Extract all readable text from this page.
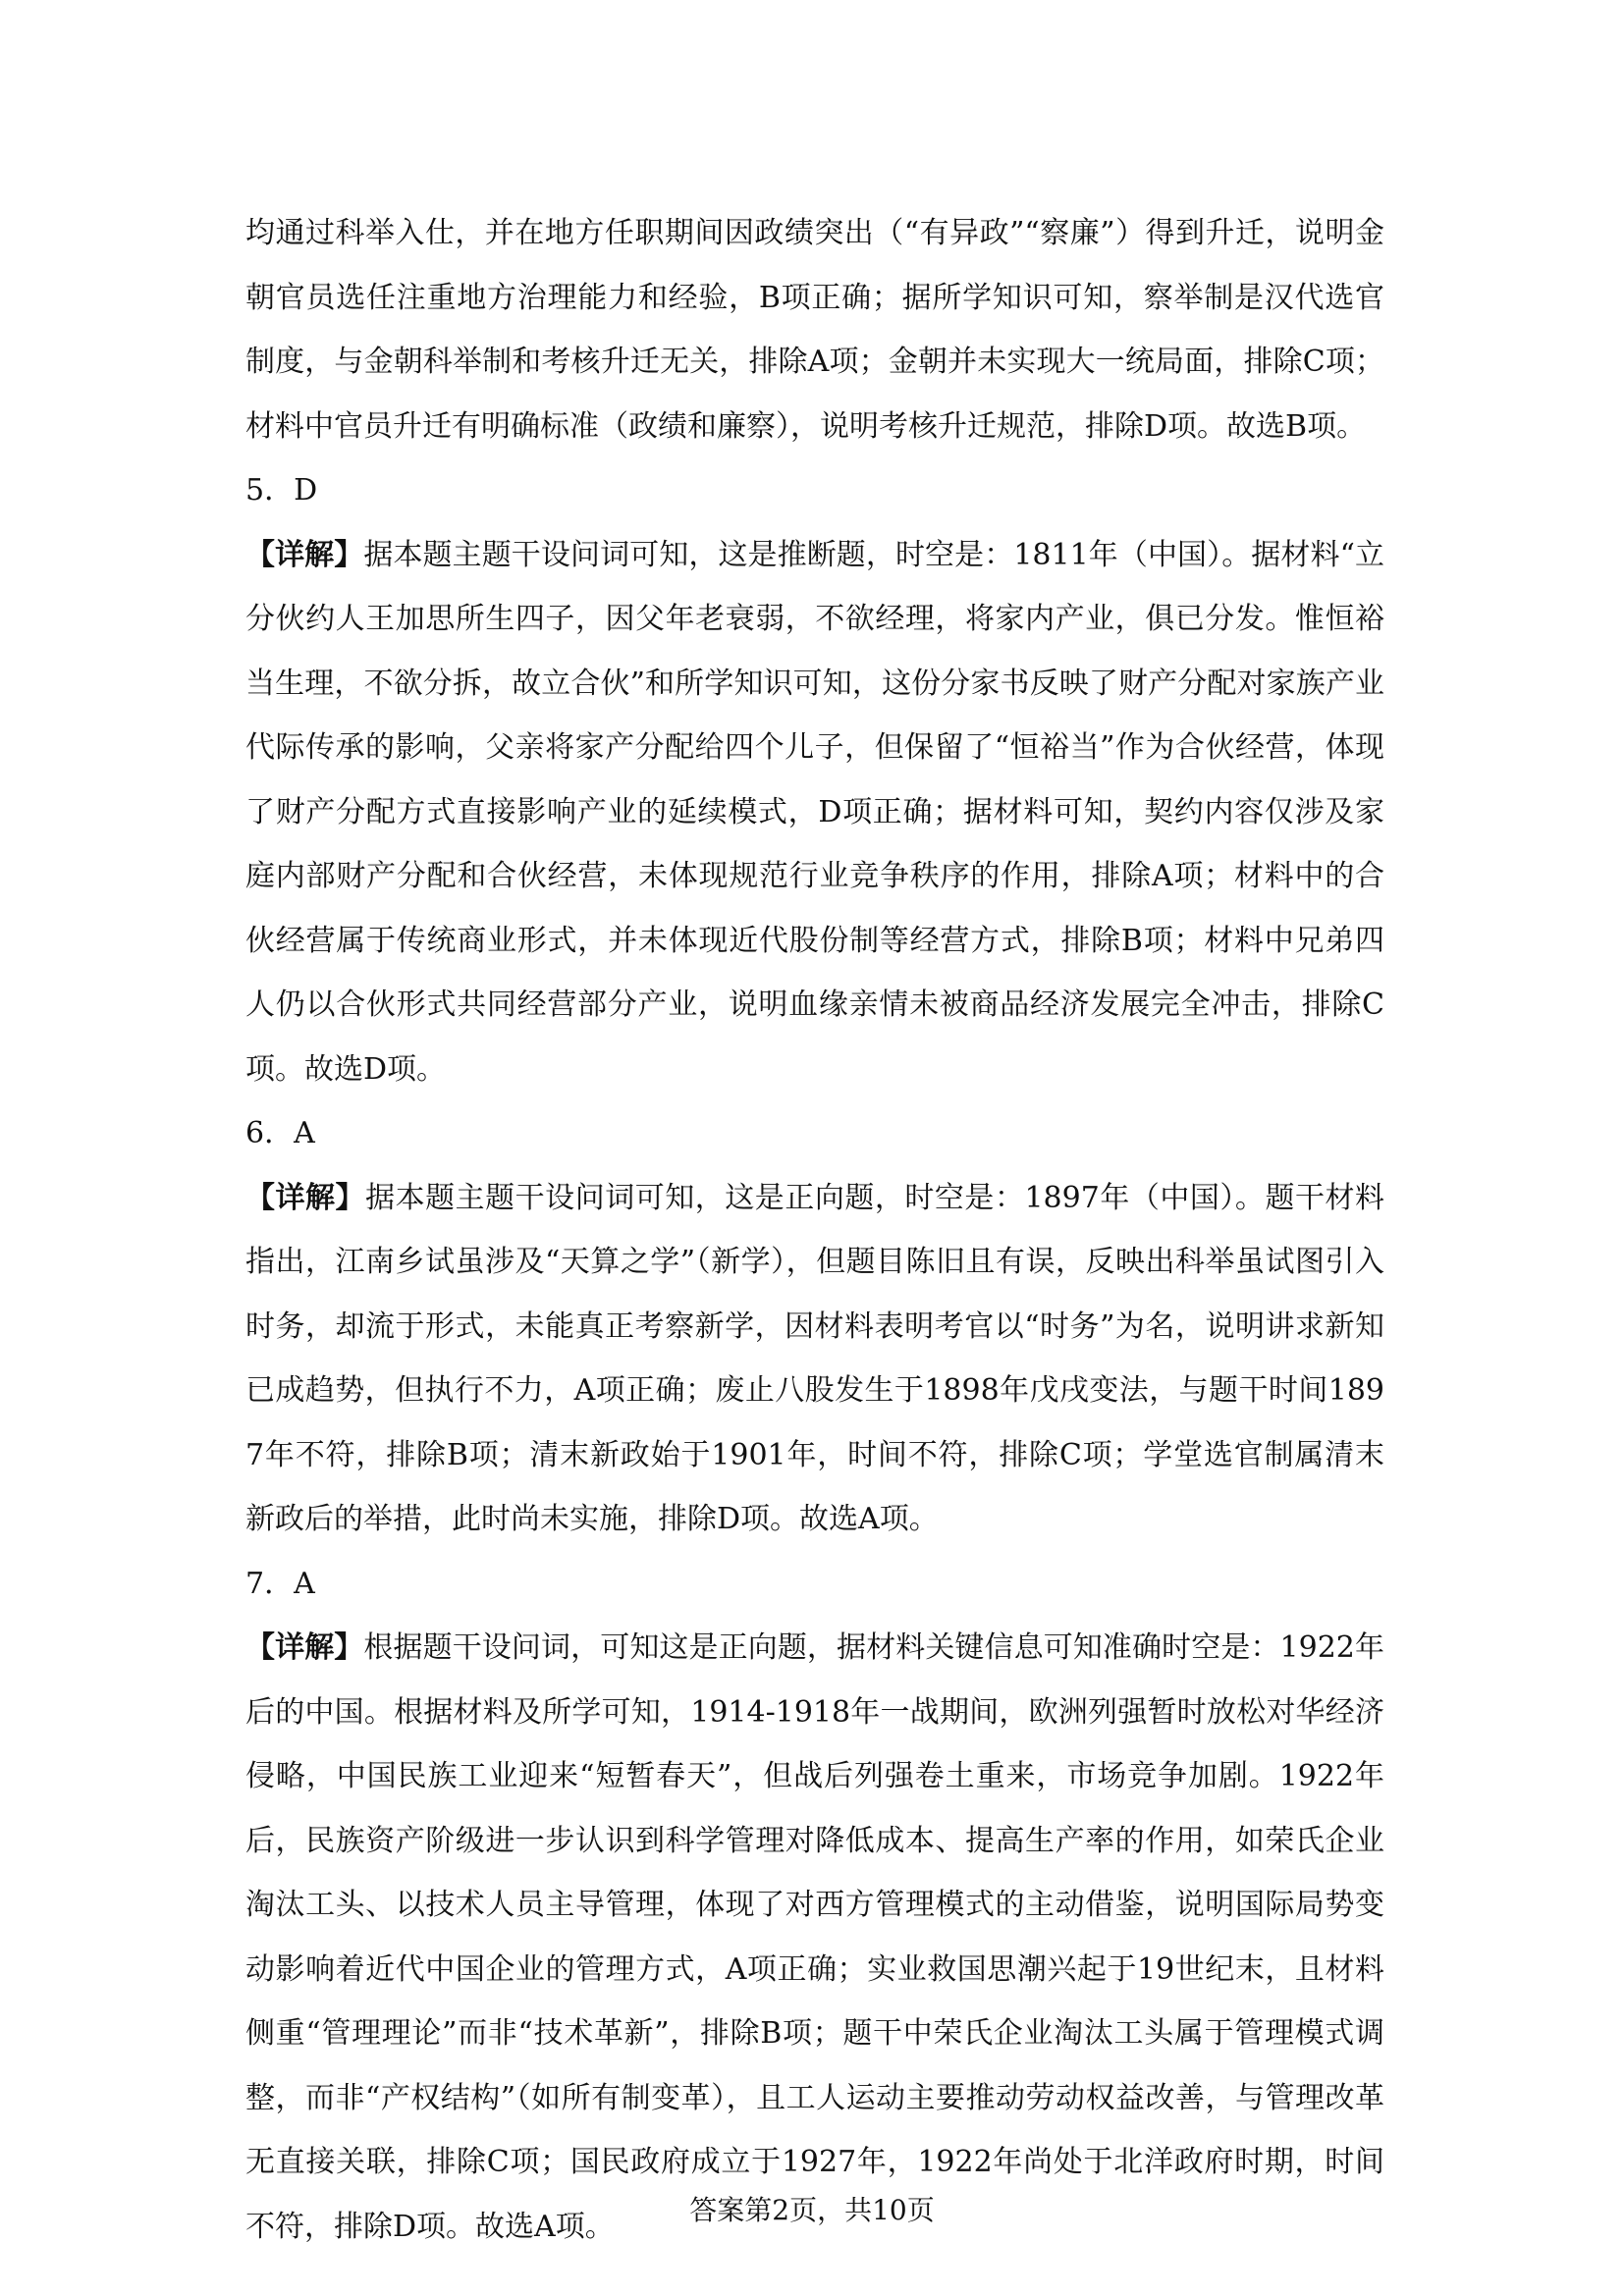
均通过科举入仕，并在地方任职期间因政绩突出（“有异政”“察廉”）得到升迁，说明金朝官员选任注重地方治理能力和经验，B项正确；据所学知识可知，察举制是汉代选官制度，与金朝科举制和考核升迁无关，排除A项；金朝并未实现大一统局面，排除C项；材料中官员升迁有明确标准（政绩和廉察），说明考核升迁规范，排除D项。故选B项。

5．D

【详解】据本题主题干设问词可知，这是推断题，时空是：1811年（中国）。据材料“立分伙约人王加思所生四子，因父年老衰弱，不欲经理，将家内产业，俱已分发。惟恒裕当生理，不欲分拆，故立合伙”和所学知识可知，这份分家书反映了财产分配对家族产业代际传承的影响，父亲将家产分配给四个儿子，但保留了“恒裕当”作为合伙经营，体现了财产分配方式直接影响产业的延续模式，D项正确；据材料可知，契约内容仅涉及家庭内部财产分配和合伙经营，未体现规范行业竞争秩序的作用，排除A项；材料中的合伙经营属于传统商业形式，并未体现近代股份制等经营方式，排除B项；材料中兄弟四人仍以合伙形式共同经营部分产业，说明血缘亲情未被商品经济发展完全冲击，排除C项。故选D项。

6．A

【详解】据本题主题干设问词可知，这是正向题，时空是：1897年（中国）。题干材料指出，江南乡试虽涉及“天算之学”（新学），但题目陈旧且有误，反映出科举虽试图引入时务，却流于形式，未能真正考察新学，因材料表明考官以“时务”为名，说明讲求新知已成趋势，但执行不力，A项正确；废止八股发生于1898年戊戌变法，与题干时间1897年不符，排除B项；清末新政始于1901年，时间不符，排除C项；学堂选官制属清末新政后的举措，此时尚未实施，排除D项。故选A项。

7．A

【详解】根据题干设问词，可知这是正向题，据材料关键信息可知准确时空是：1922年后的中国。根据材料及所学可知，1914-1918年一战期间，欧洲列强暂时放松对华经济侵略，中国民族工业迎来“短暂春天”，但战后列强卷土重来，市场竞争加剧。1922年后，民族资产阶级进一步认识到科学管理对降低成本、提高生产率的作用，如荣氏企业淘汰工头、以技术人员主导管理，体现了对西方管理模式的主动借鉴，说明国际局势变动影响着近代中国企业的管理方式，A项正确；实业救国思潮兴起于19世纪末，且材料侧重“管理理论”而非“技术革新”，排除B项；题干中荣氏企业淘汰工头属于管理模式调整，而非“产权结构”（如所有制变革），且工人运动主要推动劳动权益改善，与管理改革无直接关联，排除C项；国民政府成立于1927年，1922年尚处于北洋政府时期，时间不符，排除D项。故选A项。	答案第2页，共10页
